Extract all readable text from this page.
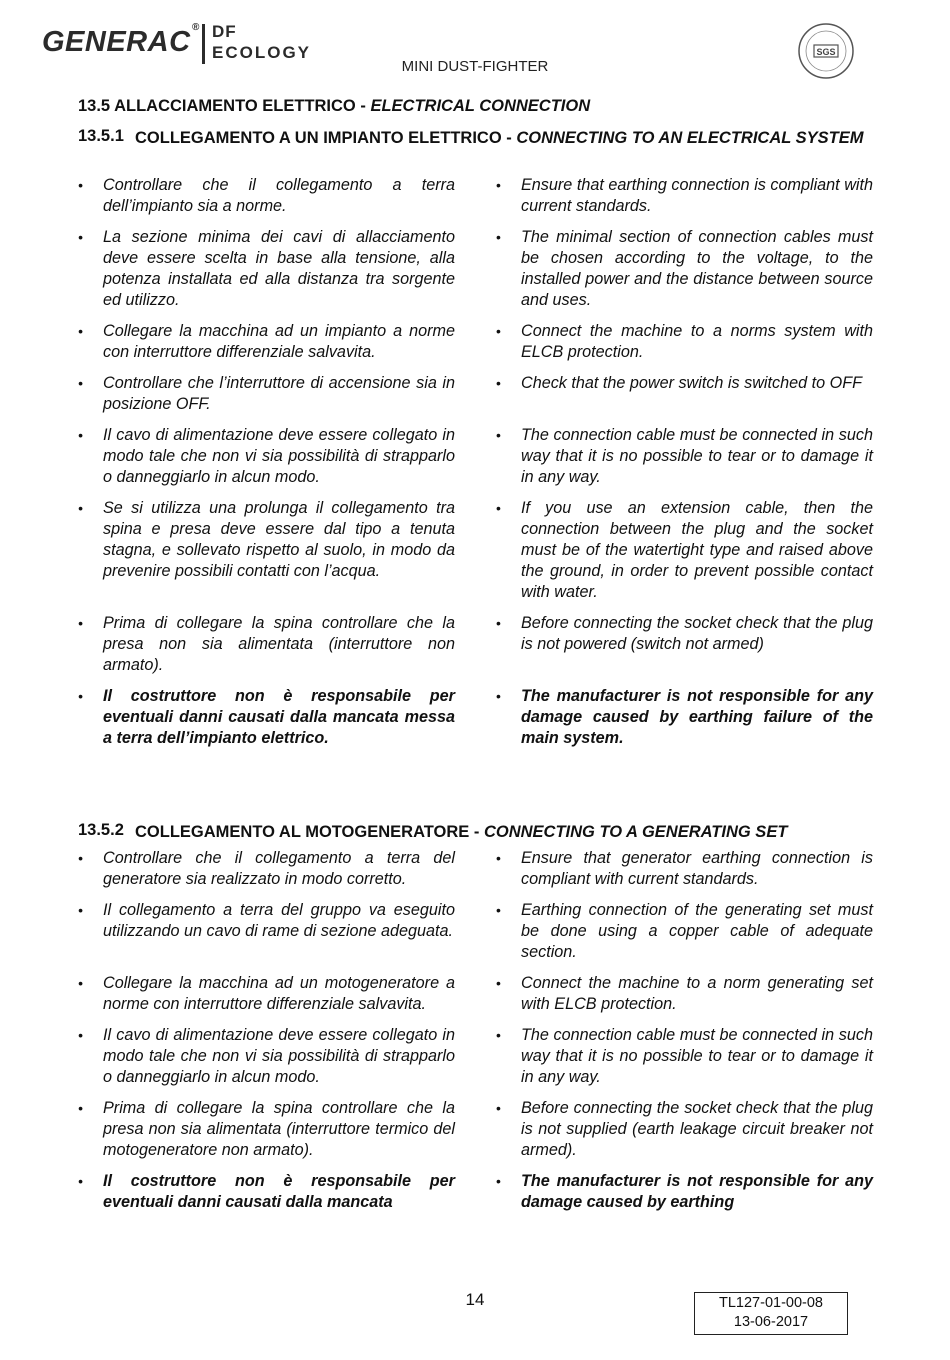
GENERAC ® DF
ECOLOGY
MINI DUST-FIGHTER
SGS
13.5 ALLACCIAMENTO ELETTRICO - ELECTRICAL CONNECTION
13.5.1 COLLEGAMENTO A UN IMPIANTO ELETTRICO - CONNECTING TO AN ELECTRICAL SYSTEM
•	Controllare che il collegamento a terra dell’impianto sia a norme.
•	Ensure that earthing connection is compliant with current standards.
•	La sezione minima dei cavi di allacciamento deve essere scelta in base alla tensione, alla potenza installata ed alla distanza tra sorgente ed utilizzo.
•	The minimal section of connection cables must be chosen according to the voltage, to the installed power and the distance between source and uses.
•	Collegare la macchina ad un impianto a norme con interruttore differenziale salvavita.
•	Connect the machine to a norms system with ELCB protection.
•	Controllare che l’interruttore di accensione sia in posizione OFF.
•	Check that the power switch is switched to OFF
•	Il cavo di alimentazione deve essere collegato in modo tale che non vi sia possibilità di strapparlo o danneggiarlo in alcun modo.
•	The connection cable must be connected in such way that it is no possible to tear or to damage it in any way.
•	Se si utilizza una prolunga il collegamento tra spina e presa deve essere dal tipo a tenuta stagna, e sollevato rispetto al suolo, in modo da prevenire possibili contatti con l’acqua.
•	If you use an extension cable, then the connection between the plug and the socket must be of the watertight type and raised above the ground, in order to prevent possible contact with water.
•	Prima di collegare la spina controllare che la presa non sia alimentata (interruttore non armato).
•	Before connecting the socket check that the plug is not powered (switch not armed)
•	Il costruttore non è responsabile per eventuali danni causati dalla mancata messa a terra dell’impianto elettrico.
•	The manufacturer is not responsible for any damage caused by earthing failure of the main system.
13.5.2 COLLEGAMENTO AL MOTOGENERATORE - CONNECTING TO A GENERATING SET
•	Controllare che il collegamento a terra del generatore sia realizzato in modo corretto.
•	Ensure that generator earthing connection is compliant with current standards.
•	Il collegamento a terra del gruppo va eseguito utilizzando un cavo di rame di sezione adeguata.
•	Earthing connection of the generating set must be done using a copper cable of adequate section.
•	Collegare la macchina ad un motogeneratore a norme con interruttore differenziale salvavita.
•	Connect the machine to a norm generating set with ELCB protection.
•	Il cavo di alimentazione deve essere collegato in modo tale che non vi sia possibilità di strapparlo o danneggiarlo in alcun modo.
•	The connection cable must be connected in such way that it is no possible to tear or to damage it in any way.
•	Prima di collegare la spina controllare che la presa non sia alimentata (interruttore termico del motogeneratore non armato).
•	Before connecting the socket check that the plug is not supplied (earth leakage circuit breaker not armed).
•	Il costruttore non è responsabile per eventuali danni causati dalla mancata
•	The manufacturer is not responsible for any damage caused by earthing
14	TL127-01-00-08
13-06-2017
